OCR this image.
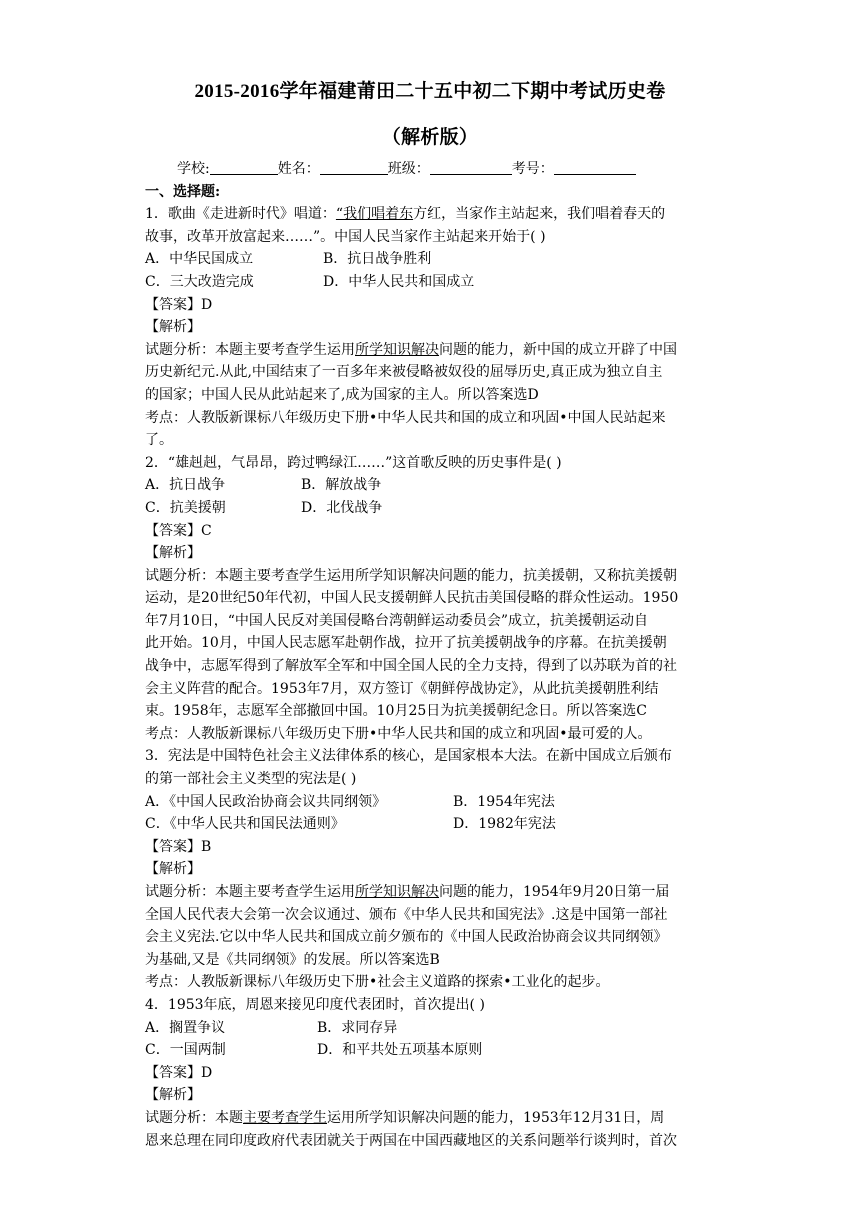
2015-2016学年福建莆田二十五中初二下期中考试历史卷
（解析版）
学校:	姓名：	班级：	考号：
一、选择题:
1．歌曲《走进新时代》唱道：“我们唱着东方红，当家作主站起来，我们唱着春天的
故事，改革开放富起来……”。中国人民当家作主站起来开始于( )
A．中华民国成立	B．抗日战争胜利
C．三大改造完成	D．中华人民共和国成立
【答案】D
【解析】
试题分析：本题主要考查学生运用所学知识解决问题的能力，新中国的成立开辟了中国
历史新纪元.从此,中国结束了一百多年来被侵略被奴役的屈辱历史,真正成为独立自主
的国家；中国人民从此站起来了,成为国家的主人。所以答案选D
考点：人教版新课标八年级历史下册•中华人民共和国的成立和巩固•中国人民站起来
了。
2．“雄赳赳，气昂昂，跨过鸭绿江……”这首歌反映的历史事件是( )
A．抗日战争	B．解放战争
C．抗美援朝	D．北伐战争
【答案】C
【解析】
试题分析：本题主要考查学生运用所学知识解决问题的能力，抗美援朝，又称抗美援朝
运动，是20世纪50年代初，中国人民支援朝鲜人民抗击美国侵略的群众性运动。1950
年7月10日，“中国人民反对美国侵略台湾朝鲜运动委员会”成立，抗美援朝运动自
此开始。10月，中国人民志愿军赴朝作战，拉开了抗美援朝战争的序幕。在抗美援朝
战争中，志愿军得到了解放军全军和中国全国人民的全力支持，得到了以苏联为首的社
会主义阵营的配合。1953年7月，双方签订《朝鲜停战协定》，从此抗美援朝胜利结
束。1958年，志愿军全部撤回中国。10月25日为抗美援朝纪念日。所以答案选C
考点：人教版新课标八年级历史下册•中华人民共和国的成立和巩固•最可爱的人。
3．宪法是中国特色社会主义法律体系的核心，是国家根本大法。在新中国成立后颁布
的第一部社会主义类型的宪法是( )
A．《中国人民政治协商会议共同纲领》	B．1954年宪法
C．《中华人民共和国民法通则》	D．1982年宪法
【答案】B
【解析】
试题分析：本题主要考查学生运用所学知识解决问题的能力，1954年9月20日第一届
全国人民代表大会第一次会议通过、颁布《中华人民共和国宪法》.这是中国第一部社
会主义宪法.它以中华人民共和国成立前夕颁布的《中国人民政治协商会议共同纲领》
为基础,又是《共同纲领》的发展。所以答案选B
考点：人教版新课标八年级历史下册•社会主义道路的探索•工业化的起步。
4．1953年底，周恩来接见印度代表团时，首次提出( )
A．搁置争议	B．求同存异
C．一国两制	D．和平共处五项基本原则
【答案】D
【解析】
试题分析：本题主要考查学生运用所学知识解决问题的能力，1953年12月31日，周
恩来总理在同印度政府代表团就关于两国在中国西藏地区的关系问题举行谈判时，首次
